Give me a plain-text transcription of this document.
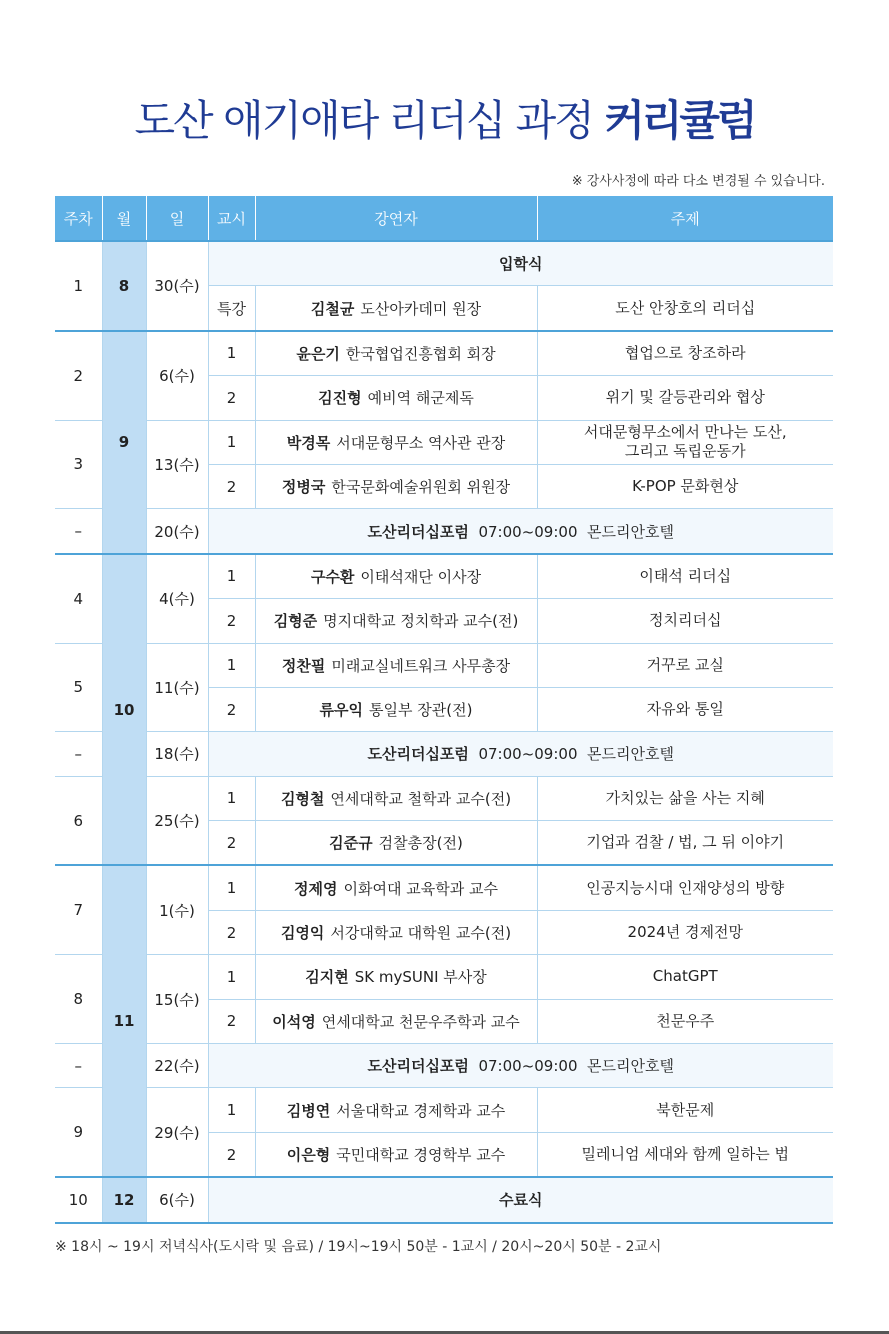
도산 애기애타 리더십 과정 커리큘럼
※ 강사사정에 따라 다소 변경될 수 있습니다.
주차	월	일	교시	강연자	주제
1	8	30(수)	입학식		
			특강	김철균 도산아카데미 원장	도산 안창호의 리더십
2	9	6(수)	1	윤은기 한국협업진흥협회 회장	협업으로 창조하라
			2	김진형 예비역 해군제독	위기 및 갈등관리와 협상
3		13(수)	1	박경목 서대문형무소 역사관 관장	서대문형무소에서 만나는 도산,
그리고 독립운동가
			2	정병국 한국문화예술위원회 위원장	K-POP 문화현상
–		20(수)	도산리더십포럼 07:00~09:00 몬드리안호텔		
4	10	4(수)	1	구수환 이태석재단 이사장	이태석 리더십
			2	김형준 명지대학교 정치학과 교수(전)	정치리더십
5		11(수)	1	정찬필 미래교실네트워크 사무총장	거꾸로 교실
			2	류우익 통일부 장관(전)	자유와 통일
–		18(수)	도산리더십포럼 07:00~09:00 몬드리안호텔		
6		25(수)	1	김형철 연세대학교 철학과 교수(전)	가치있는 삶을 사는 지혜
			2	김준규 검찰총장(전)	기업과 검찰 / 법, 그 뒤 이야기
7	11	1(수)	1	정제영 이화여대 교육학과 교수	인공지능시대 인재양성의 방향
			2	김영익 서강대학교 대학원 교수(전)	2024년 경제전망
8		15(수)	1	김지현 SK mySUNI 부사장	ChatGPT
			2	이석영 연세대학교 천문우주학과 교수	천문우주
–		22(수)	도산리더십포럼 07:00~09:00 몬드리안호텔		
9		29(수)	1	김병연 서울대학교 경제학과 교수	북한문제
			2	이은형 국민대학교 경영학부 교수	밀레니엄 세대와 함께 일하는 법
10	12	6(수)	수료식		
※ 18시 ~ 19시 저녁식사(도시락 및 음료) / 19시~19시 50분 - 1교시 / 20시~20시 50분 - 2교시
